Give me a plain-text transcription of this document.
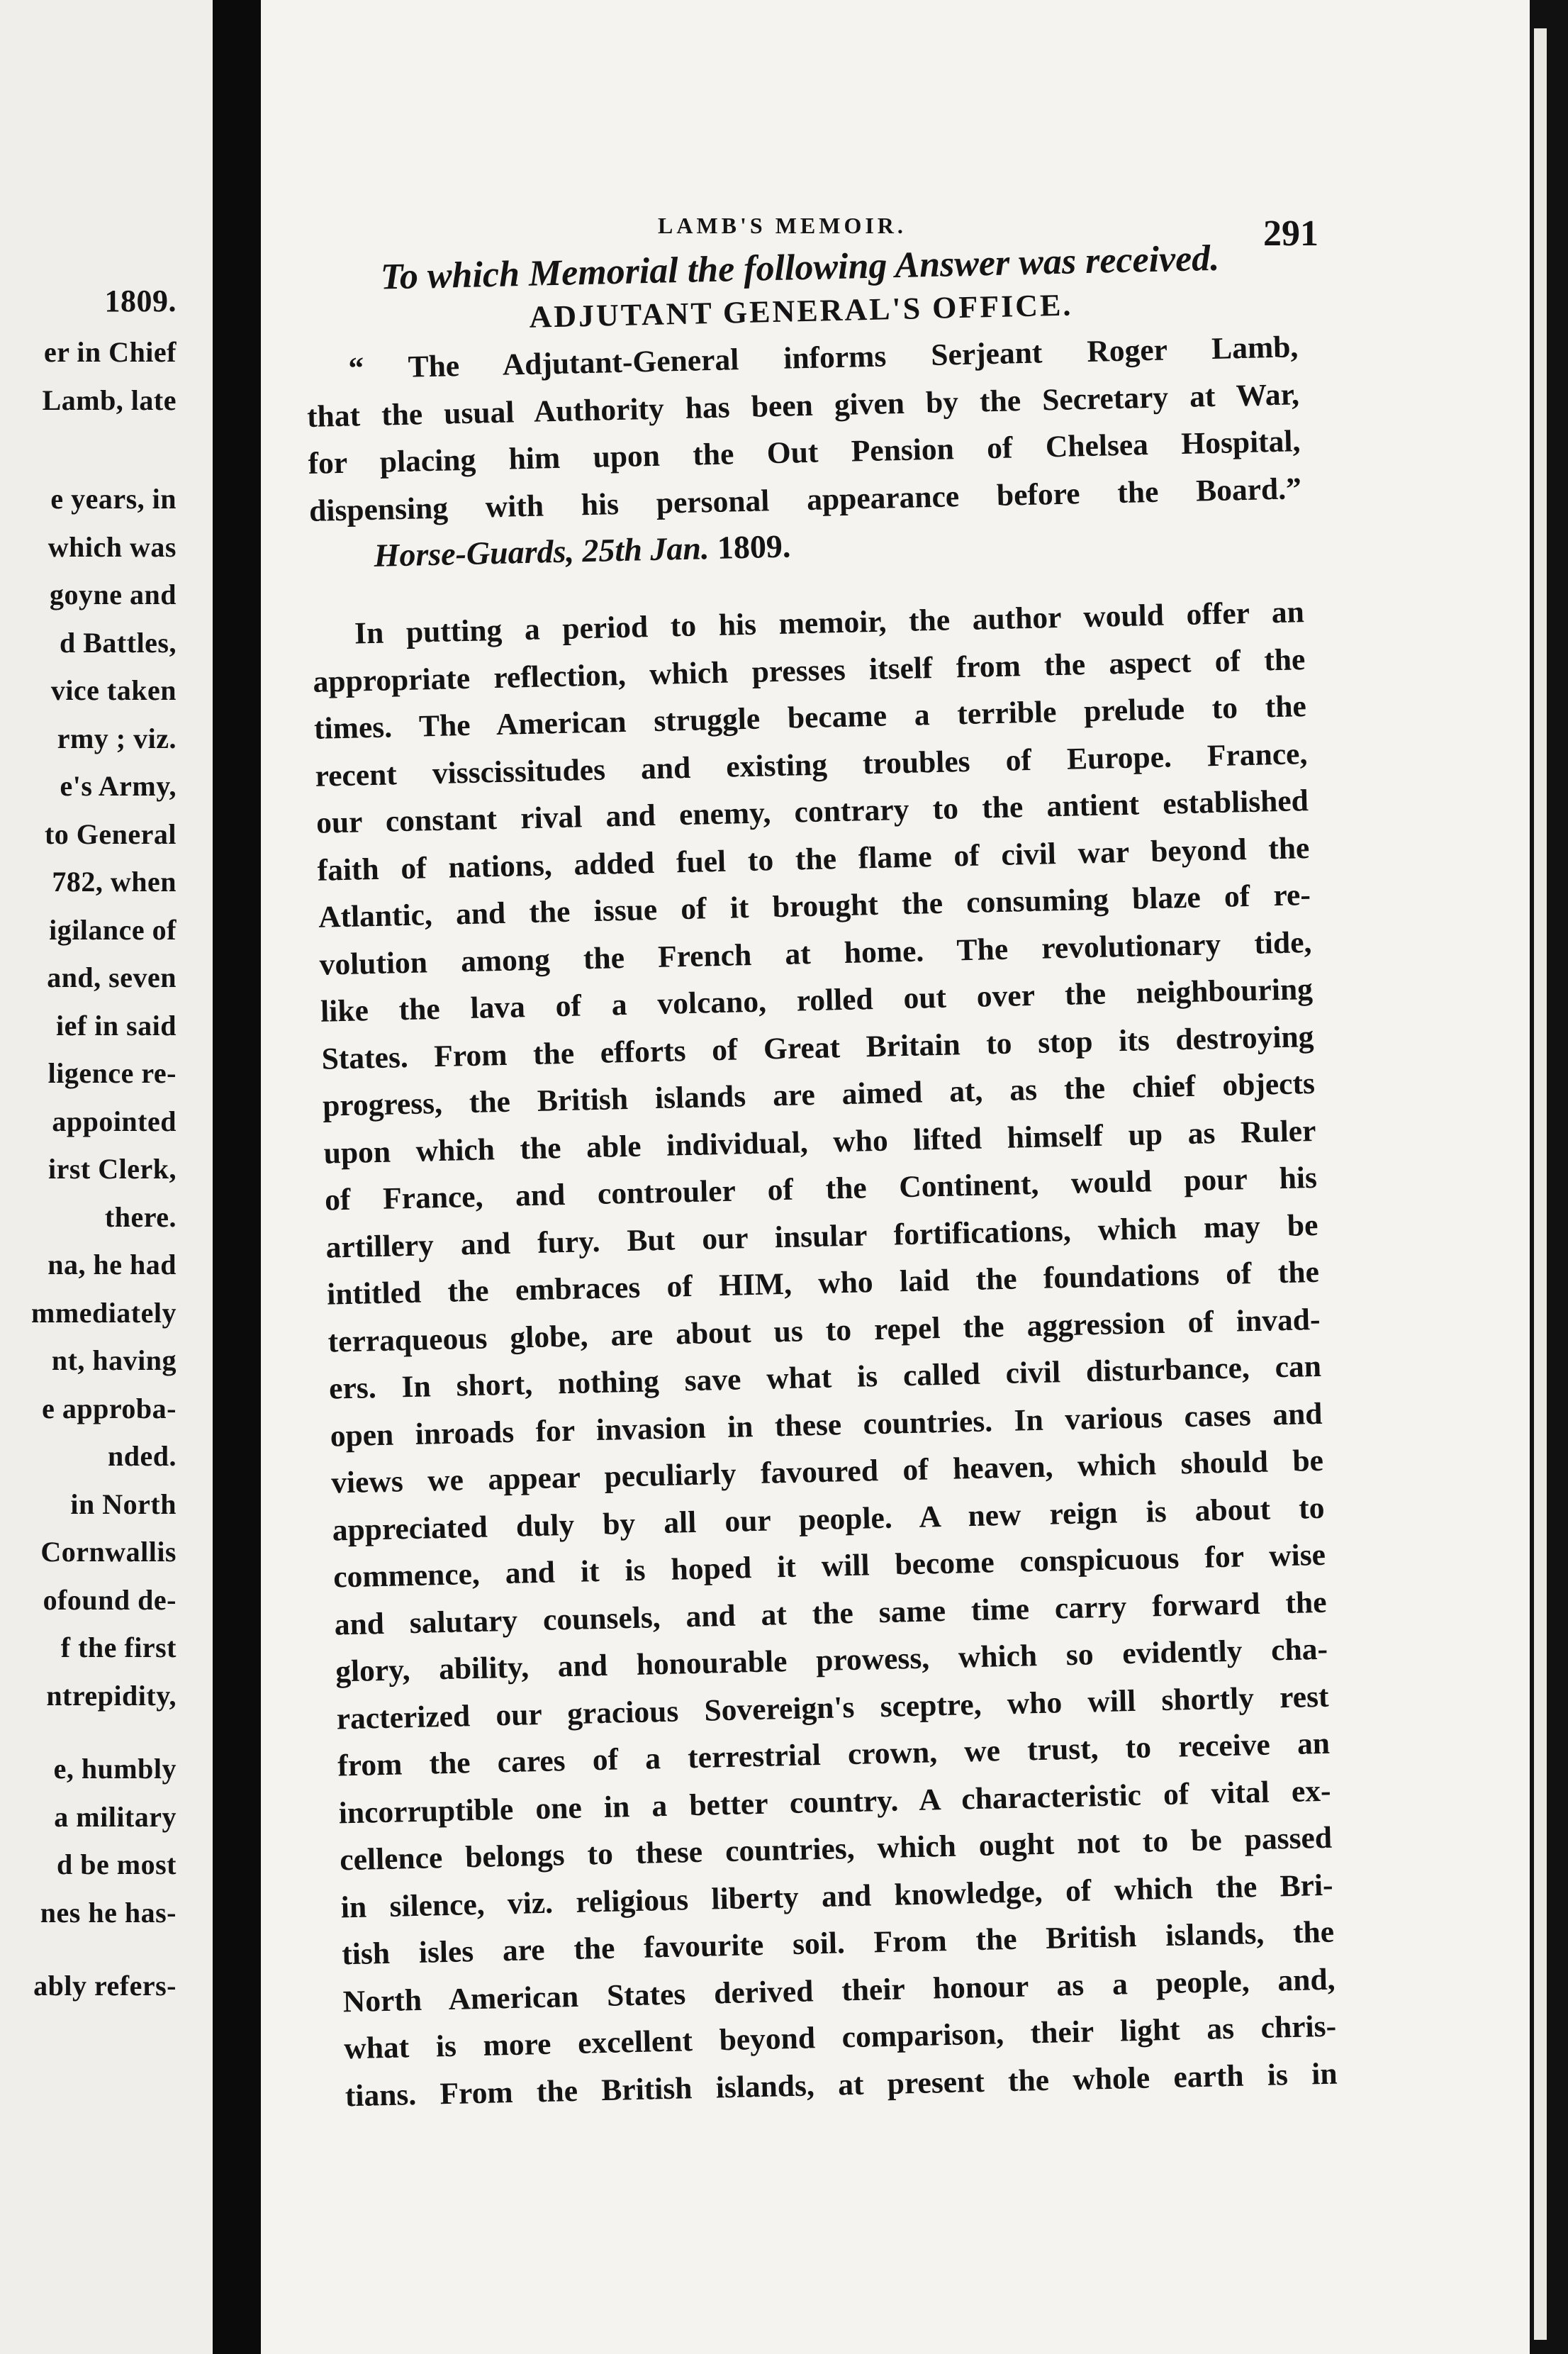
1809.
er in Chief
Lamb, late
e years, in
which was
goyne and
d Battles,
vice taken
rmy ; viz.
e's Army,
to General
782, when
igilance of
and, seven
ief in said
ligence re-
appointed
irst Clerk,
there.
na, he had
mmediately
nt, having
e approba-
nded.
in North
Cornwallis
ofound de-
f the first
ntrepidity,
e, humbly
a military
d be most
nes he has-
ably refers-
LAMB'S MEMOIR.	291
To which Memorial the following Answer was received.
ADJUTANT GENERAL'S OFFICE.
“ The Adjutant-General informs Serjeant Roger Lamb,
that the usual Authority has been given by the Secretary at War,
for placing him upon the Out Pension of Chelsea Hospital,
dispensing with his personal appearance before the Board.”
Horse-Guards, 25th Jan. 1809.
In putting a period to his memoir, the author would offer an
appropriate reflection, which presses itself from the aspect of the
times. The American struggle became a terrible prelude to the
recent visscissitudes and existing troubles of Europe. France,
our constant rival and enemy, contrary to the antient established
faith of nations, added fuel to the flame of civil war beyond the
Atlantic, and the issue of it brought the consuming blaze of re-
volution among the French at home. The revolutionary tide,
like the lava of a volcano, rolled out over the neighbouring
States. From the efforts of Great Britain to stop its destroying
progress, the British islands are aimed at, as the chief objects
upon which the able individual, who lifted himself up as Ruler
of France, and controuler of the Continent, would pour his
artillery and fury. But our insular fortifications, which may be
intitled the embraces of HIM, who laid the foundations of the
terraqueous globe, are about us to repel the aggression of invad-
ers. In short, nothing save what is called civil disturbance, can
open inroads for invasion in these countries. In various cases and
views we appear peculiarly favoured of heaven, which should be
appreciated duly by all our people. A new reign is about to
commence, and it is hoped it will become conspicuous for wise
and salutary counsels, and at the same time carry forward the
glory, ability, and honourable prowess, which so evidently cha-
racterized our gracious Sovereign's sceptre, who will shortly rest
from the cares of a terrestrial crown, we trust, to receive an
incorruptible one in a better country. A characteristic of vital ex-
cellence belongs to these countries, which ought not to be passed
in silence, viz. religious liberty and knowledge, of which the Bri-
tish isles are the favourite soil. From the British islands, the
North American States derived their honour as a people, and,
what is more excellent beyond comparison, their light as chris-
tians. From the British islands, at present the whole earth is in
